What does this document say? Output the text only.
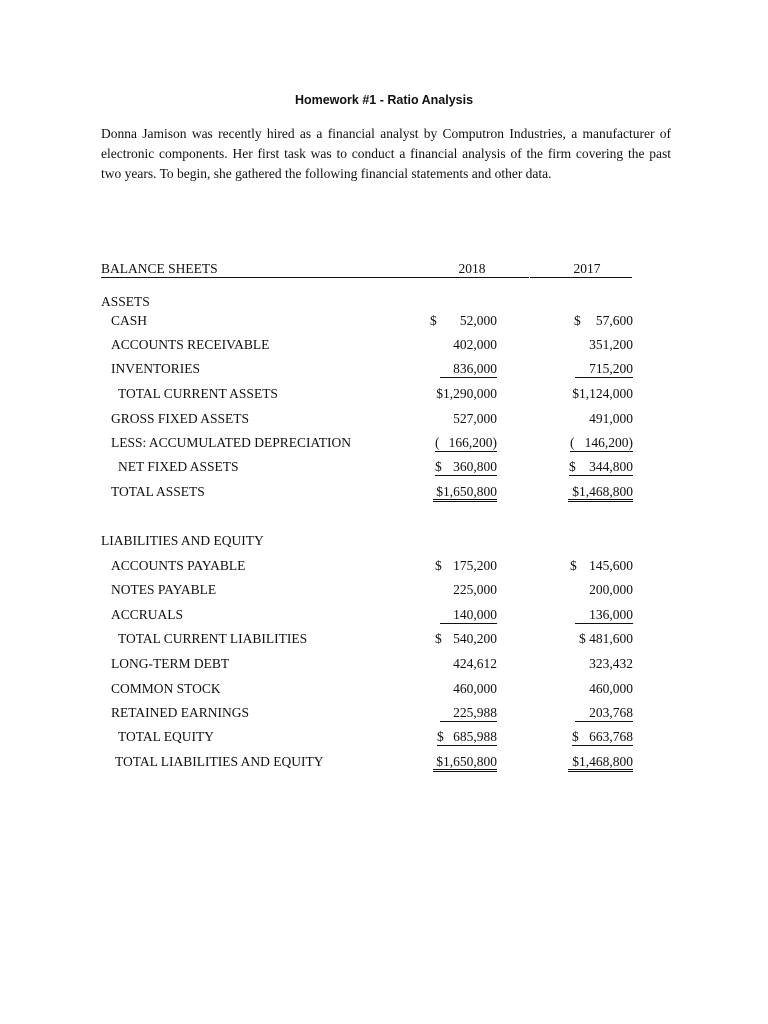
Homework #1 - Ratio Analysis

Donna Jamison was recently hired as a financial analyst by Computron Industries, a manufacturer of electronic components. Her first task was to conduct a financial analysis of the firm covering the past two years. To begin, she gathered the following financial statements and other data.

BALANCE SHEETS	2018	2017
ASSETS
CASH	$ 52,000	$ 57,600
ACCOUNTS RECEIVABLE	402,000	351,200
INVENTORIES	836,000	715,200
TOTAL CURRENT ASSETS	$1,290,000	$1,124,000
GROSS FIXED ASSETS	527,000	491,000
LESS: ACCUMULATED DEPRECIATION	( 166,200)	( 146,200)
NET FIXED ASSETS	$ 360,800	$ 344,800
TOTAL ASSETS	$1,650,800	$1,468,800
LIABILITIES AND EQUITY
ACCOUNTS PAYABLE	$ 175,200	$ 145,600
NOTES PAYABLE	225,000	200,000
ACCRUALS	140,000	136,000
TOTAL CURRENT LIABILITIES	$ 540,200	$ 481,600
LONG-TERM DEBT	424,612	323,432
COMMON STOCK	460,000	460,000
RETAINED EARNINGS	225,988	203,768
TOTAL EQUITY	$ 685,988	$ 663,768
TOTAL LIABILITIES AND EQUITY	$1,650,800	$1,468,800
